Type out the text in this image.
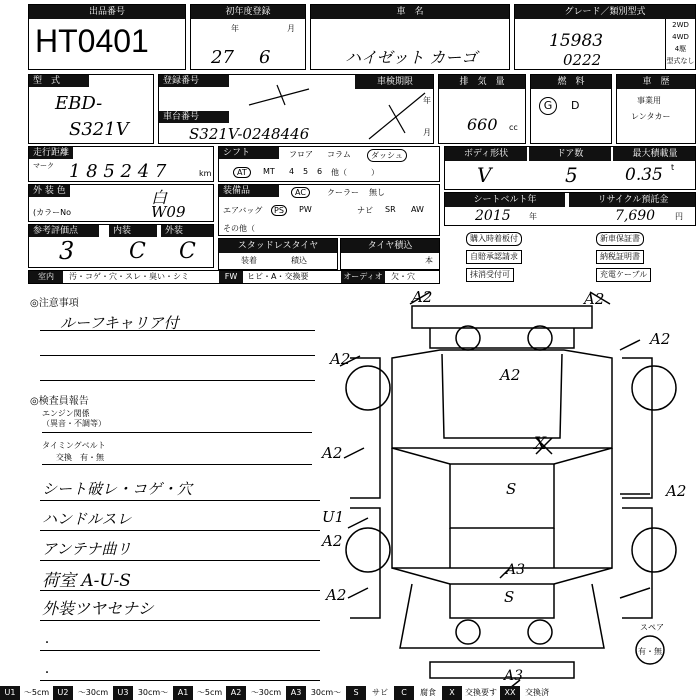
出品番号
HT0401
初年度登録
年	月
27 6
車　名
ハイゼット カーゴ
グレード／類別型式
15983
0222
2WD
4WD
4駆
型式なし
型　式
EBD-
S321V
登録番号
車台番号
車検期限
年
月
S321V-0248446
排　気　量
660 cc
燃　料
G	D
車　歴
事業用
レンタカー
走行距離
マーク 1 8 5 2 4 7	km
シフト	フロア コラム	ダッシュ
AT	MT 4 5 6 他（　　　）
ボディ形状	ドア数	最大積載量
V	5	0.35 t
外 装 色	白
(カラーNo	W09
装備品	AC	クーラー 無し
エアバッグ	PS	PW	ナビ SR AW
その他（
シートベルト年	リサイクル預託金
2015 年	7,690 円
参考評価点	内装	外装
3 C C	スタッドレスタイヤ
装着	積込
タイヤ積込
本
購入時着板付	新車保証書
自賠承認請求	納税証明書
抹消受付可	充電ケーブル
室内	汚・コゲ・穴・スレ・臭い・シミ	FW	ヒビ・A・交換要	オーディオ 欠・穴
◎注意事項
ルーフキャリア付
◎検査員報告
エンジン関係
（異音・不調等）
タイミングベルト
交換　有・無
シート破レ・コゲ・穴
ハンドルスレ
アンテナ曲リ
荷室 A-U-S
外装ツヤセナシ
・
・
A2	A2
A2
A2
A2
A2
A2
A2
A2
U1
A3
A3
S
S
X
スペア
有・無
U1	〜5cm	U2	〜30cm	U3	30cm〜	A1	〜5cm	A2	〜30cm	A3	30cm〜	S	サビ	C	腐食	X	交換要す XX	交換済
